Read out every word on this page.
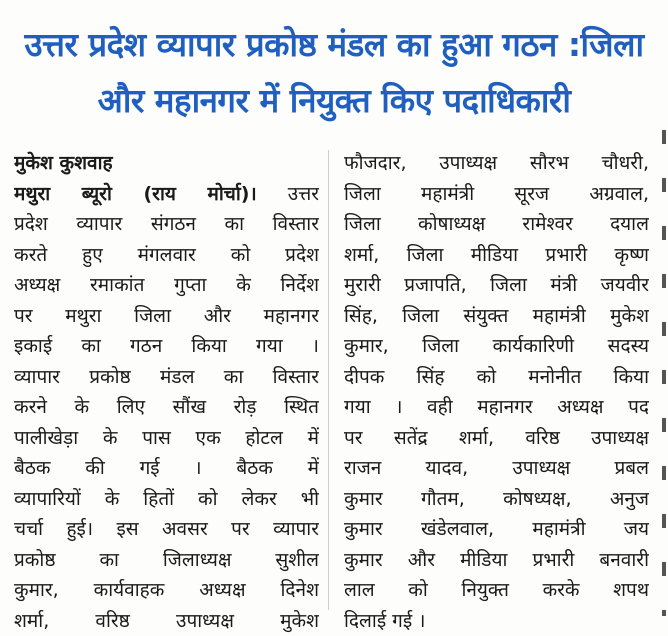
उत्तर प्रदेश व्यापार प्रकोष्ठ मंडल का हुआ गठन :जिला
और महानगर में नियुक्त किए पदाधिकारी
मुकेश कुशवाह
मथुरा ब्यूरो (राय मोर्चा)। उत्तर
प्रदेश व्यापार संगठन का विस्तार
करते हुए मंगलवार को प्रदेश
अध्यक्ष रमाकांत गुप्ता के निर्देश
पर मथुरा जिला और महानगर
इकाई का गठन किया गया ।
व्यापार प्रकोष्ठ मंडल का विस्तार
करने के लिए सौंख रोड़ स्थित
पालीखेड़ा के पास एक होटल में
बैठक की गई । बैठक में
व्यापारियों के हितों को लेकर भी
चर्चा हुई। इस अवसर पर व्यापार
प्रकोष्ठ का जिलाध्यक्ष सुशील
कुमार, कार्यवाहक अध्यक्ष दिनेश
शर्मा, वरिष्ठ उपाध्यक्ष मुकेश
फौजदार, उपाध्यक्ष सौरभ चौधरी,
जिला महामंत्री सूरज अग्रवाल,
जिला कोषाध्यक्ष रामेश्वर दयाल
शर्मा, जिला मीडिया प्रभारी कृष्ण
मुरारी प्रजापति, जिला मंत्री जयवीर
सिंह, जिला संयुक्त महामंत्री मुकेश
कुमार, जिला कार्यकारिणी सदस्य
दीपक सिंह को मनोनीत किया
गया । वही महानगर अध्यक्ष पद
पर सतेंद्र शर्मा, वरिष्ठ उपाध्यक्ष
राजन यादव, उपाध्यक्ष प्रबल
कुमार गौतम, कोषध्यक्ष, अनुज
कुमार खंडेलवाल, महामंत्री जय
कुमार और मीडिया प्रभारी बनवारी
लाल को नियुक्त करके शपथ
दिलाई गई ।
